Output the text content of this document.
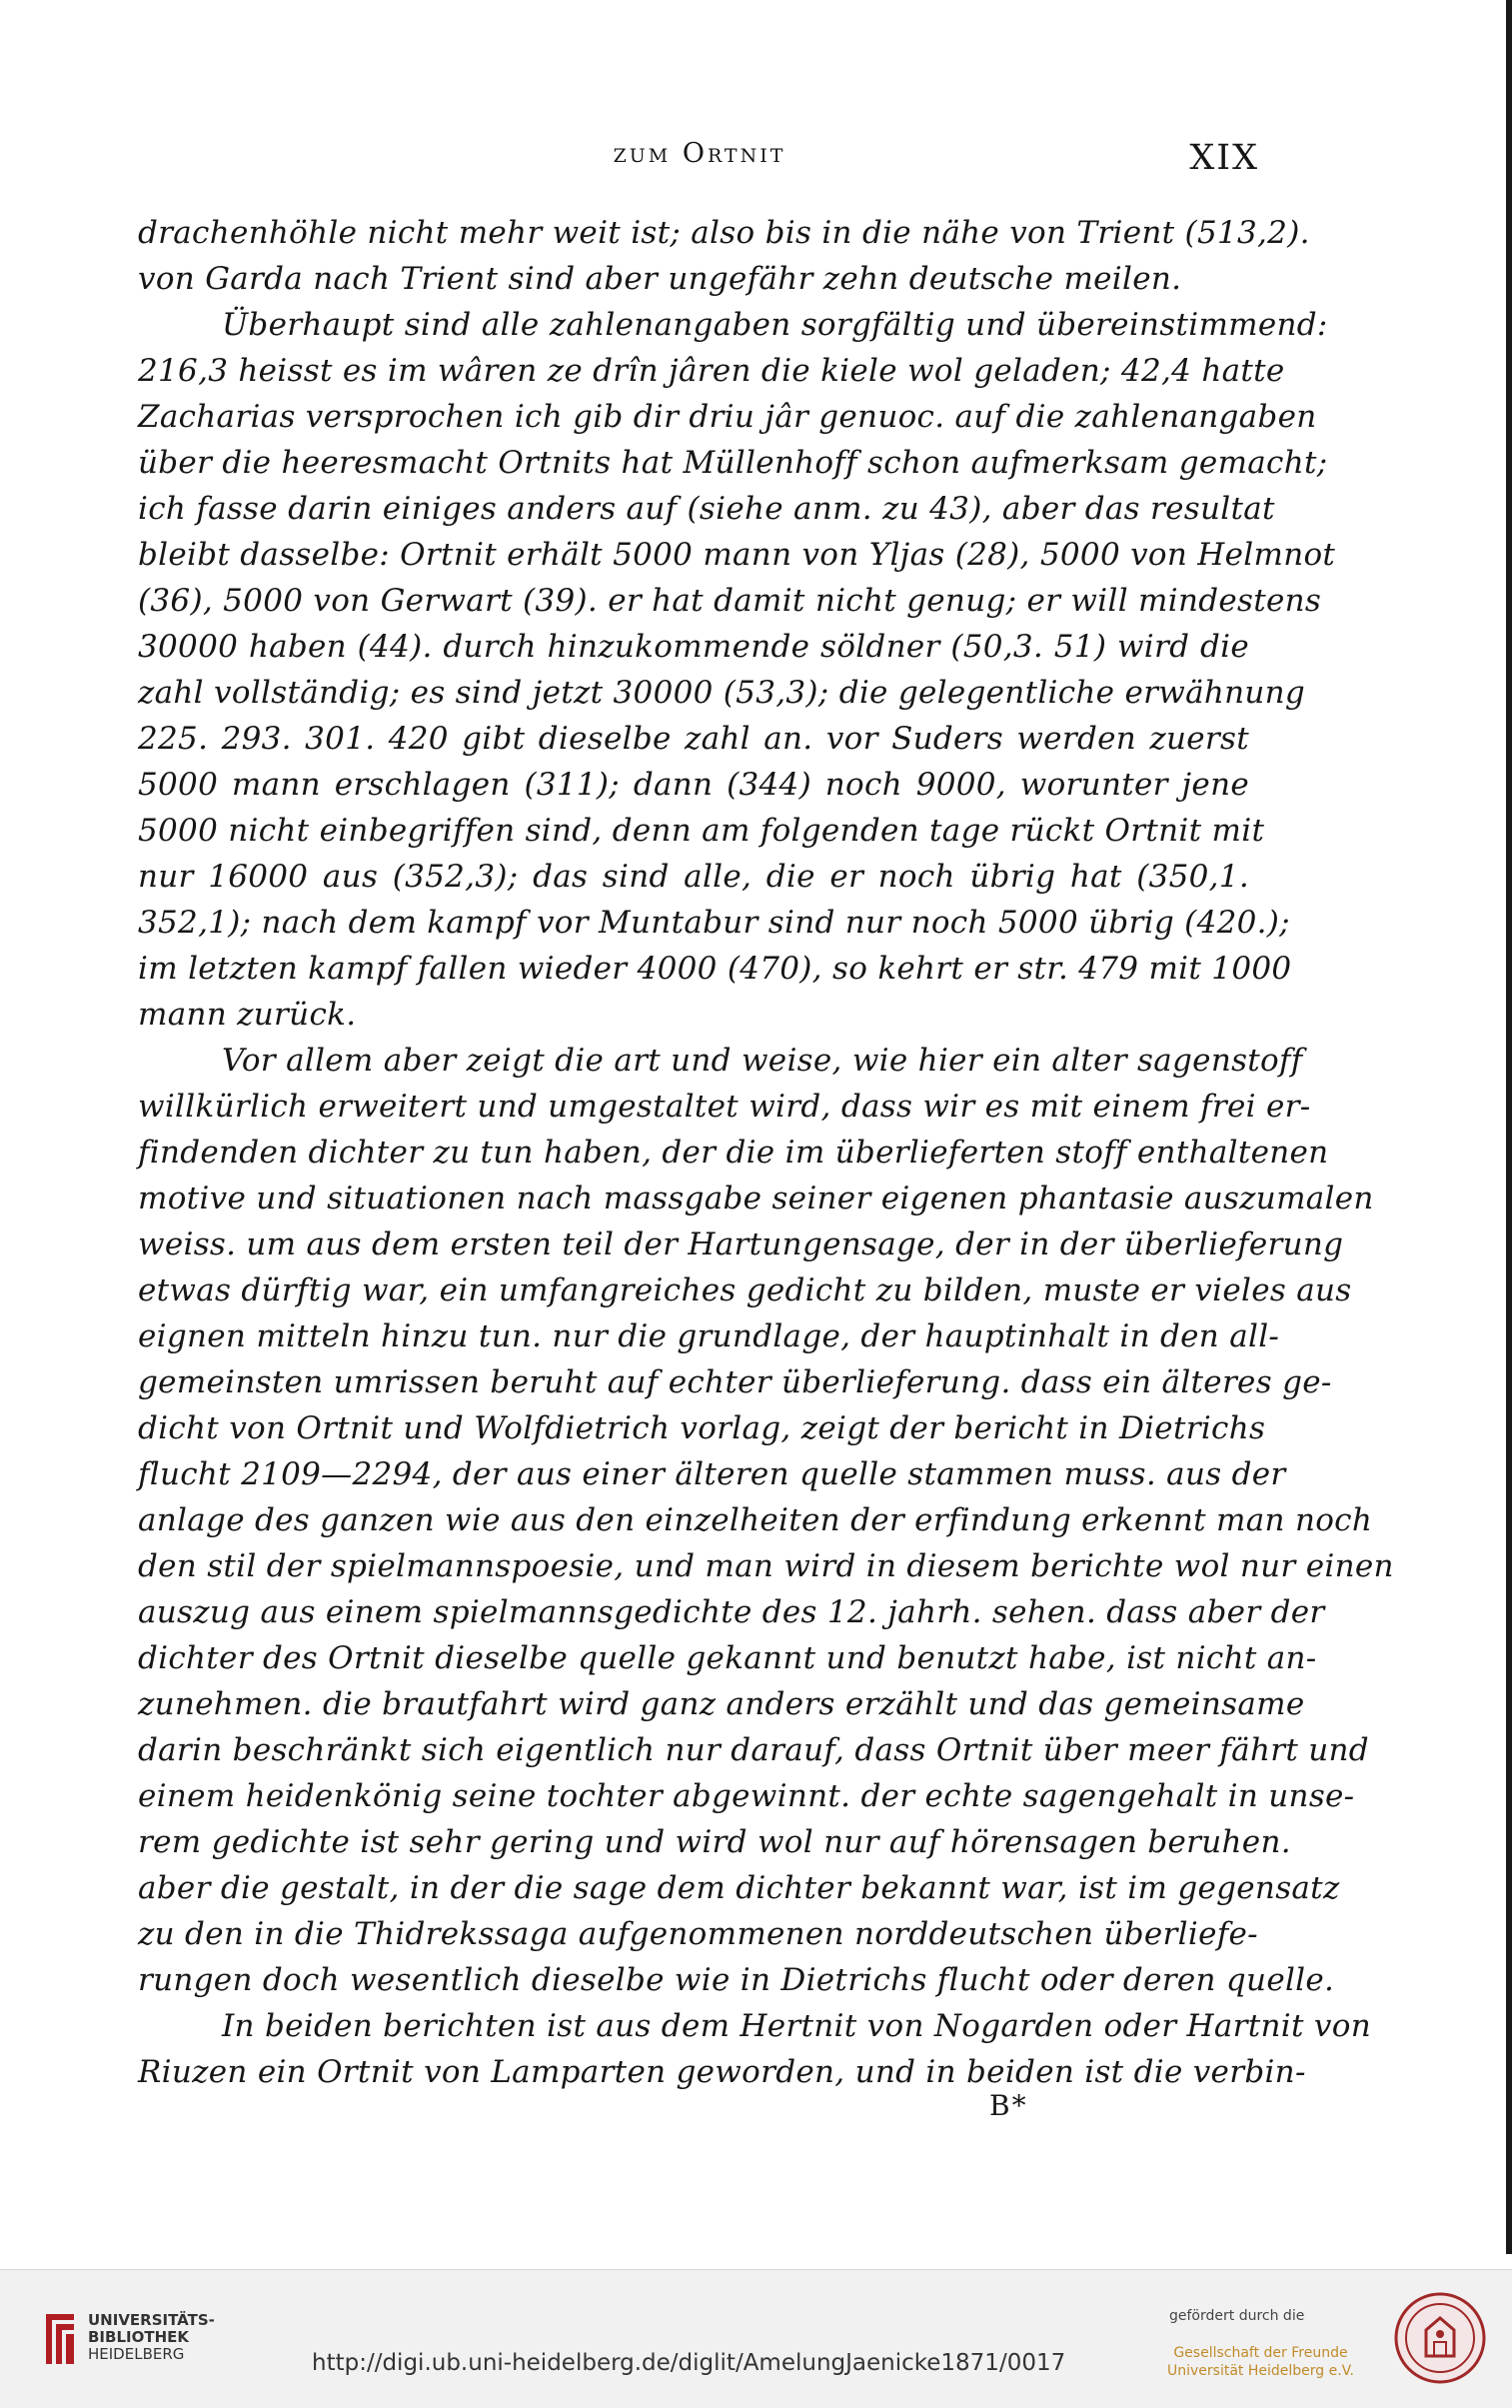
zum Ortnit	XIX
drachenhöhle nicht mehr weit ist; also bis in die nähe von Trient (513,2).
von Garda nach Trient sind aber ungefähr zehn deutsche meilen.
Überhaupt sind alle zahlenangaben sorgfältig und übereinstimmend:
216,3 heisst es im wâren ze drîn jâren die kiele wol geladen; 42,4 hatte
Zacharias versprochen ich gib dir driu jâr genuoc. auf die zahlenangaben
über die heeresmacht Ortnits hat Müllenhoff schon aufmerksam gemacht;
ich fasse darin einiges anders auf (siehe anm. zu 43), aber das resultat
bleibt dasselbe: Ortnit erhält 5000 mann von Yljas (28), 5000 von Helmnot
(36), 5000 von Gerwart (39). er hat damit nicht genug; er will mindestens
30000 haben (44). durch hinzukommende söldner (50,3. 51) wird die
zahl vollständig; es sind jetzt 30000 (53,3); die gelegentliche erwähnung
225. 293. 301. 420 gibt dieselbe zahl an. vor Suders werden zuerst
5000 mann erschlagen (311); dann (344) noch 9000, worunter jene
5000 nicht einbegriffen sind, denn am folgenden tage rückt Ortnit mit
nur 16000 aus (352,3); das sind alle, die er noch übrig hat (350,1.
352,1); nach dem kampf vor Muntabur sind nur noch 5000 übrig (420.);
im letzten kampf fallen wieder 4000 (470), so kehrt er str. 479 mit 1000
mann zurück.
Vor allem aber zeigt die art und weise, wie hier ein alter sagenstoff
willkürlich erweitert und umgestaltet wird, dass wir es mit einem frei er-
findenden dichter zu tun haben, der die im überlieferten stoff enthaltenen
motive und situationen nach massgabe seiner eigenen phantasie auszumalen
weiss. um aus dem ersten teil der Hartungensage, der in der überlieferung
etwas dürftig war, ein umfangreiches gedicht zu bilden, muste er vieles aus
eignen mitteln hinzu tun. nur die grundlage, der hauptinhalt in den all-
gemeinsten umrissen beruht auf echter überlieferung. dass ein älteres ge-
dicht von Ortnit und Wolfdietrich vorlag, zeigt der bericht in Dietrichs
flucht 2109—2294, der aus einer älteren quelle stammen muss. aus der
anlage des ganzen wie aus den einzelheiten der erfindung erkennt man noch
den stil der spielmannspoesie, und man wird in diesem berichte wol nur einen
auszug aus einem spielmannsgedichte des 12. jahrh. sehen. dass aber der
dichter des Ortnit dieselbe quelle gekannt und benutzt habe, ist nicht an-
zunehmen. die brautfahrt wird ganz anders erzählt und das gemeinsame
darin beschränkt sich eigentlich nur darauf, dass Ortnit über meer fährt und
einem heidenkönig seine tochter abgewinnt. der echte sagengehalt in unse-
rem gedichte ist sehr gering und wird wol nur auf hörensagen beruhen.
aber die gestalt, in der die sage dem dichter bekannt war, ist im gegensatz
zu den in die Thidrekssaga aufgenommenen norddeutschen überliefe-
rungen doch wesentlich dieselbe wie in Dietrichs flucht oder deren quelle.
In beiden berichten ist aus dem Hertnit von Nogarden oder Hartnit von
Riuzen ein Ortnit von Lamparten geworden, und in beiden ist die verbin-
B*
UNIVERSITÄTS-
BIBLIOTHEK
HEIDELBERG	http://digi.ub.uni-heidelberg.de/diglit/AmelungJaenicke1871/0017
gefördert durch die
Gesellschaft der Freunde
Universität Heidelberg e.V.
